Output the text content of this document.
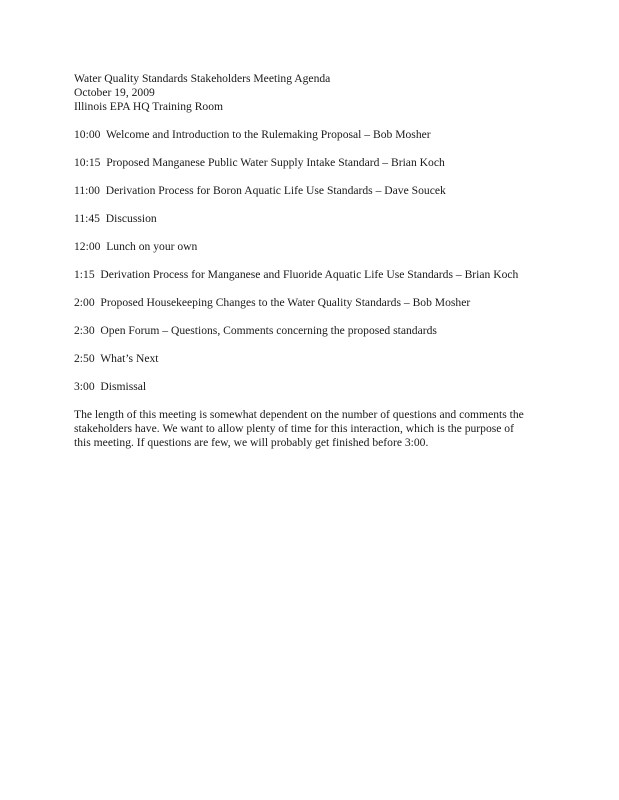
Water Quality Standards Stakeholders Meeting Agenda
October 19, 2009
Illinois EPA HQ Training Room
10:00 Welcome and Introduction to the Rulemaking Proposal – Bob Mosher
10:15 Proposed Manganese Public Water Supply Intake Standard – Brian Koch
11:00 Derivation Process for Boron Aquatic Life Use Standards – Dave Soucek
11:45 Discussion
12:00 Lunch on your own
1:15 Derivation Process for Manganese and Fluoride Aquatic Life Use Standards – Brian Koch
2:00 Proposed Housekeeping Changes to the Water Quality Standards – Bob Mosher
2:30 Open Forum – Questions, Comments concerning the proposed standards
2:50 What’s Next
3:00 Dismissal
The length of this meeting is somewhat dependent on the number of questions and comments the
stakeholders have. We want to allow plenty of time for this interaction, which is the purpose of
this meeting. If questions are few, we will probably get finished before 3:00.
